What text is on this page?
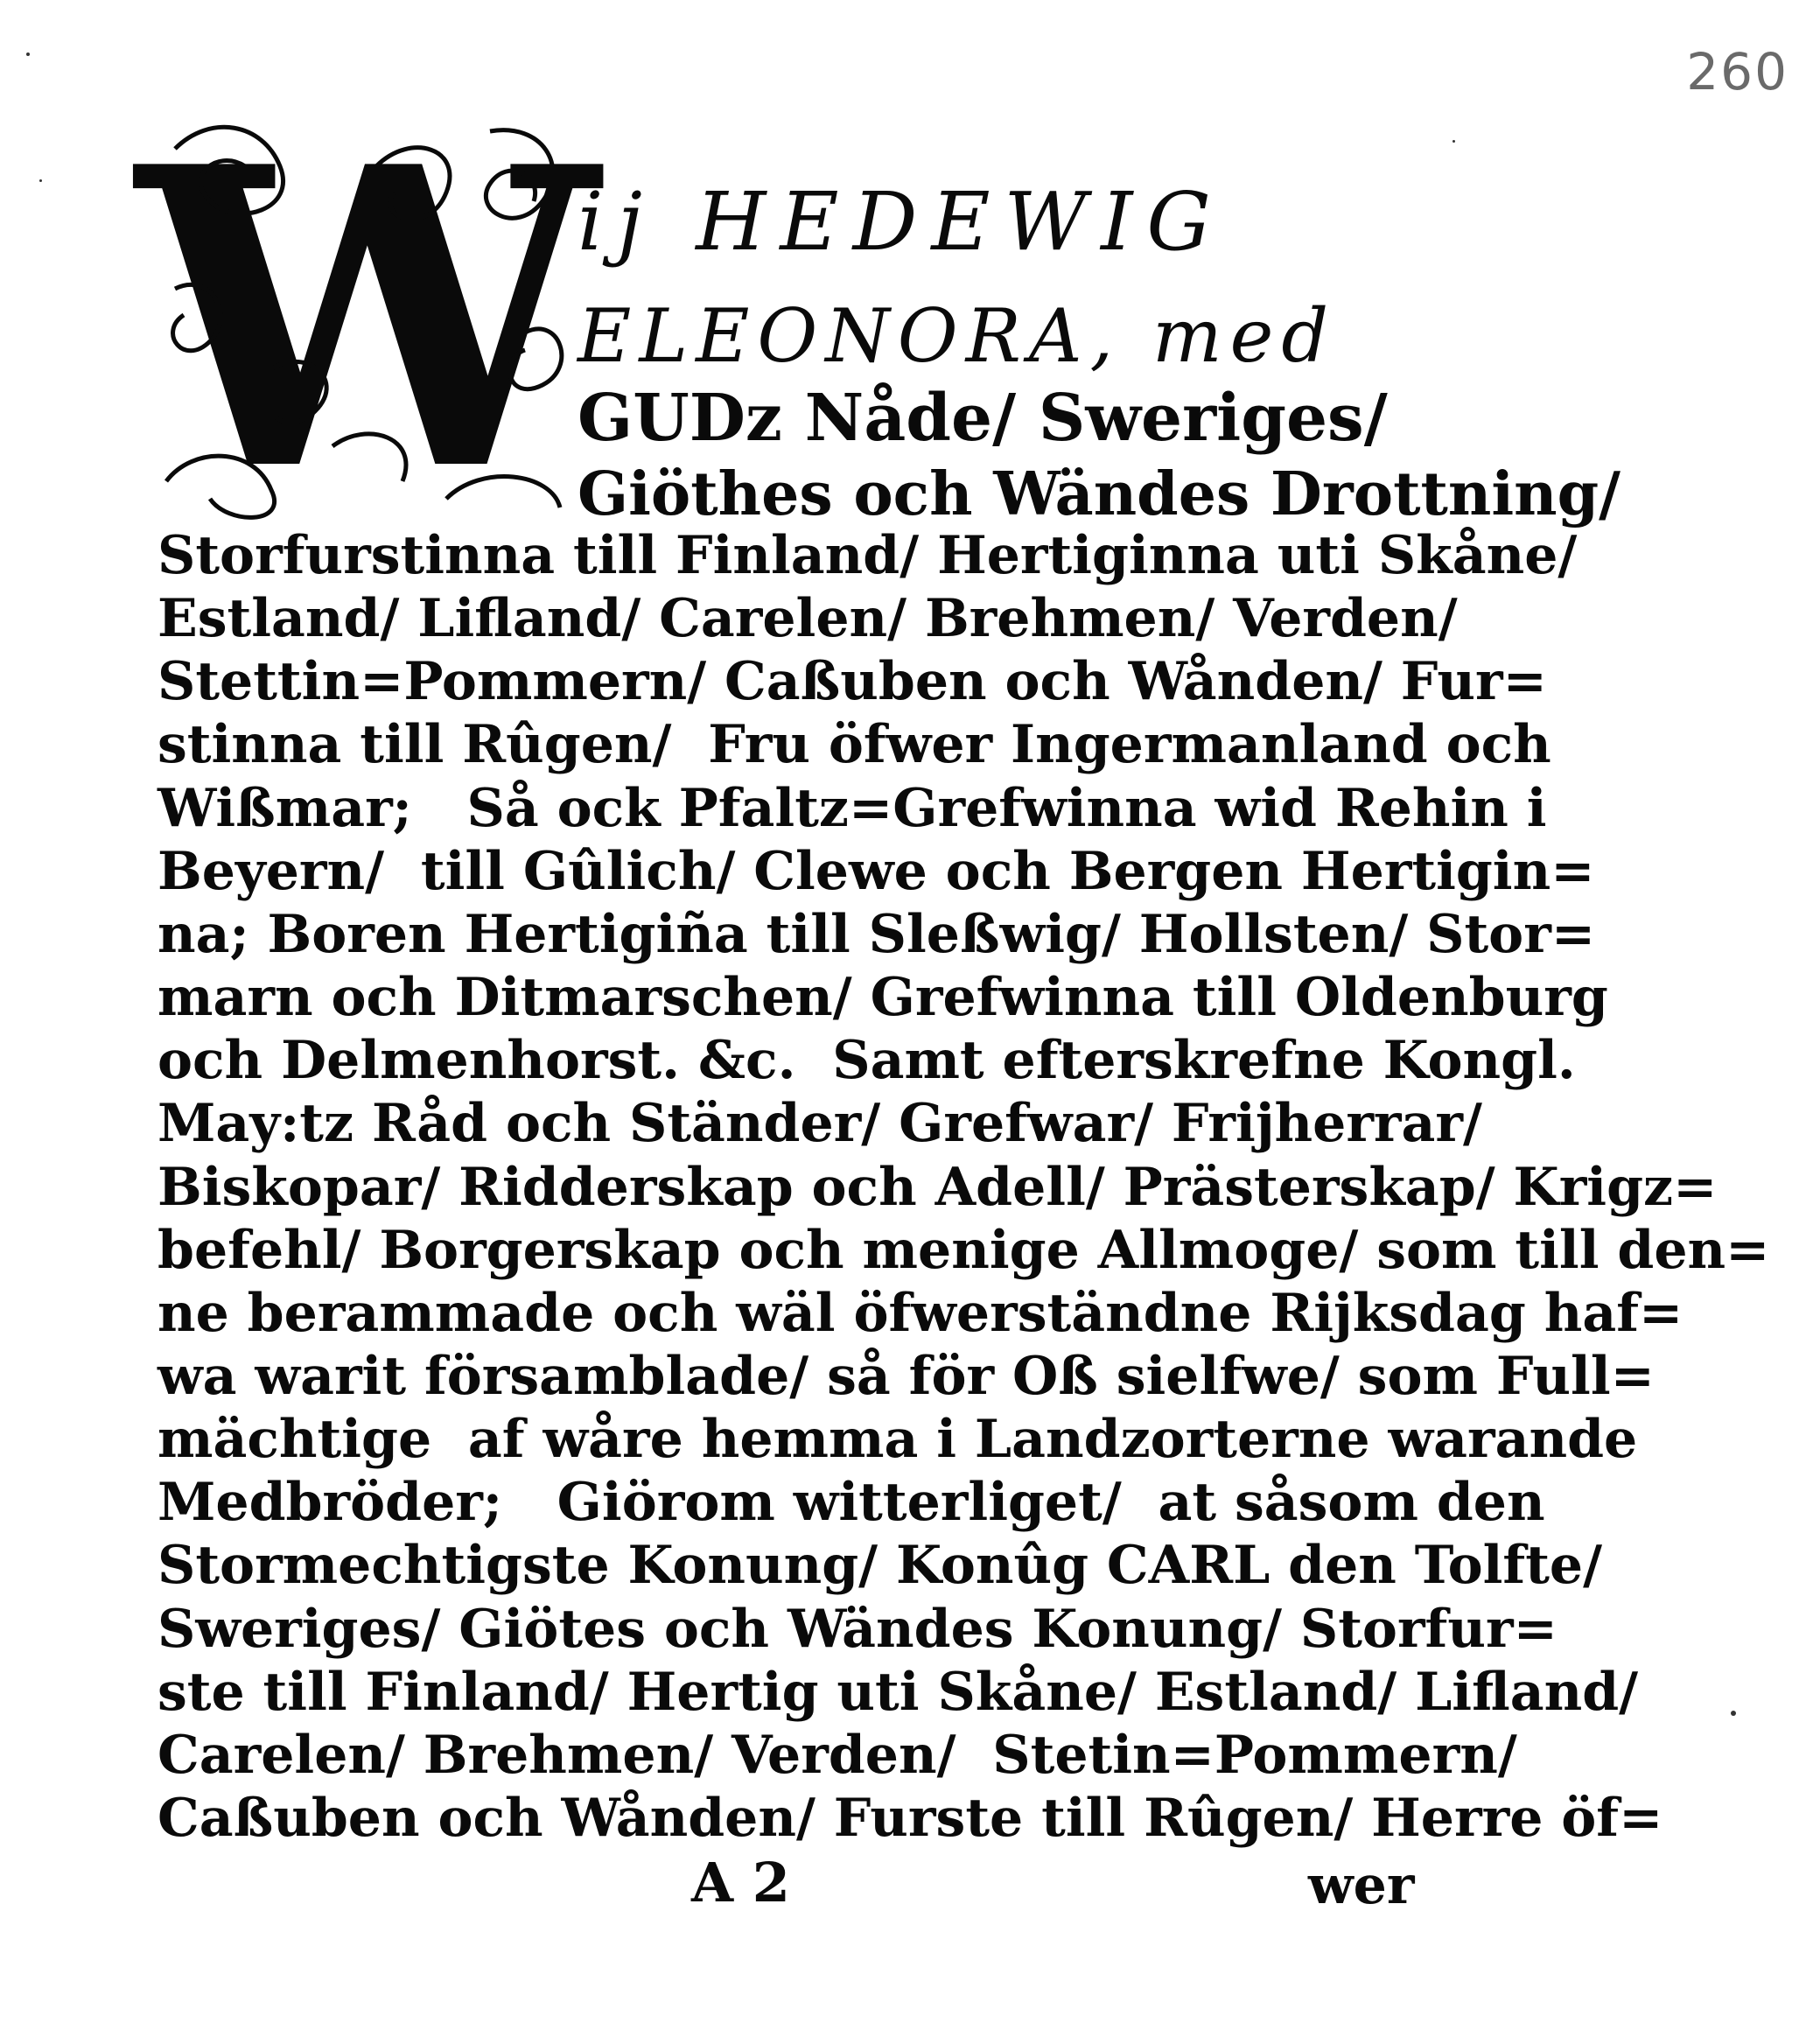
260
W
ij HEDEWIG
ELEONORA, med
GUDz Nåde/ Sweriges/
Giöthes och Wändes Drottning/
Storfurstinna till Finland/ Hertiginna uti Skåne/
Estland/ Lifland/ Carelen/ Brehmen/ Verden/
Stettin=Pommern/ Caßuben och Wånden/ Fur=
stinna till Rûgen/  Fru öfwer Ingermanland och
Wißmar;   Så ock Pfaltz=Grefwinna wid Rehin i
Beyern/  till Gûlich/ Clewe och Bergen Hertigin=
na; Boren Hertigiña till Sleßwig/ Hollsten/ Stor=
marn och Ditmarschen/ Grefwinna till Oldenburg
och Delmenhorst. &c.  Samt efterskrefne Kongl.
May:tz Råd och Ständer/ Grefwar/ Frijherrar/
Biskopar/ Ridderskap och Adell/ Prästerskap/ Krigz=
befehl/ Borgerskap och menige Allmoge/ som till den=
ne berammade och wäl öfwerständne Rijksdag haf=
wa warit församblade/ så för Oß sielfwe/ som Full=
mächtige  af wåre hemma i Landzorterne warande
Medbröder;   Giörom witterliget/  at såsom den
Stormechtigste Konung/ Konûg CARL den Tolfte/
Sweriges/ Giötes och Wändes Konung/ Storfur=
ste till Finland/ Hertig uti Skåne/ Estland/ Lifland/
Carelen/ Brehmen/ Verden/  Stetin=Pommern/
A 2	wer
Caßuben och Wånden/ Furste till Rûgen/ Herre öf=
